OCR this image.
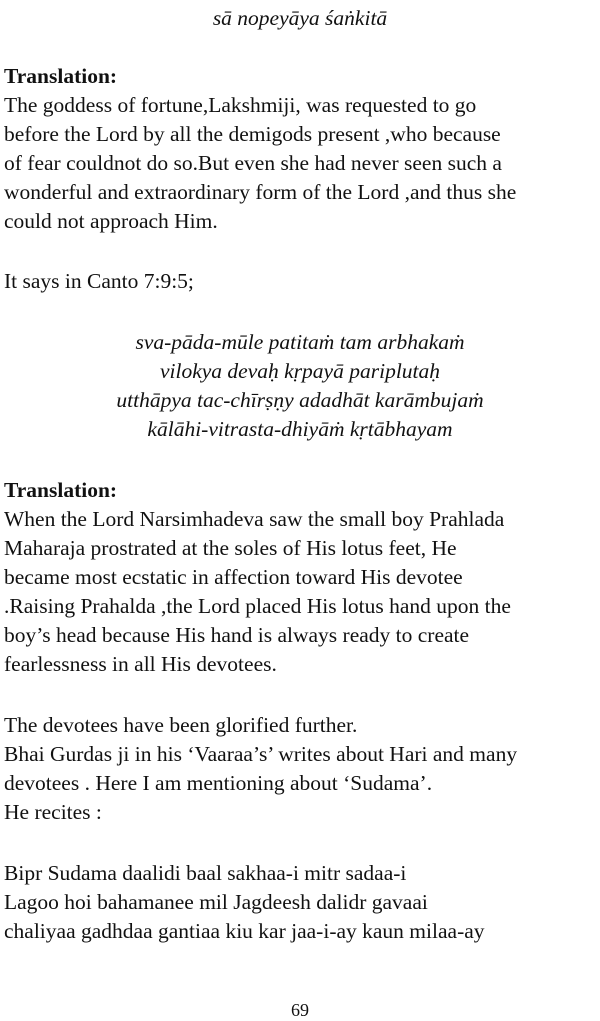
sā nopeyāya śaṅkitā
Translation:
The goddess of fortune,Lakshmiji, was requested to go
before the Lord by all the demigods present ,who because
of fear couldnot do so.But even she had never seen such a
wonderful and extraordinary form of the Lord ,and thus she
could not approach Him.
It says in Canto 7:9:5;
sva-pāda-mūle patitaṁ tam arbhakaṁ
vilokya devaḥ kṛpayā pariplutaḥ
utthāpya tac-chīrṣṇy adadhāt karāmbujaṁ
kālāhi-vitrasta-dhiyāṁ kṛtābhayam
Translation:
When the Lord Narsimhadeva saw the small boy Prahlada
Maharaja prostrated at the soles of His lotus feet, He
became most ecstatic in affection toward His devotee
.Raising Prahalda ,the Lord placed His lotus hand upon the
boy’s head because His hand is always ready to create
fearlessness in all His devotees.
The devotees have been glorified further.
Bhai Gurdas ji in his ‘Vaaraa’s’ writes about Hari and many
devotees . Here I am mentioning about ‘Sudama’.
He recites :
Bipr Sudama daalidi baal sakhaa-i mitr sadaa-i
Lagoo hoi bahamanee mil Jagdeesh dalidr gavaai
chaliyaa gadhdaa gantiaa kiu kar jaa-i-ay kaun milaa-ay
69
